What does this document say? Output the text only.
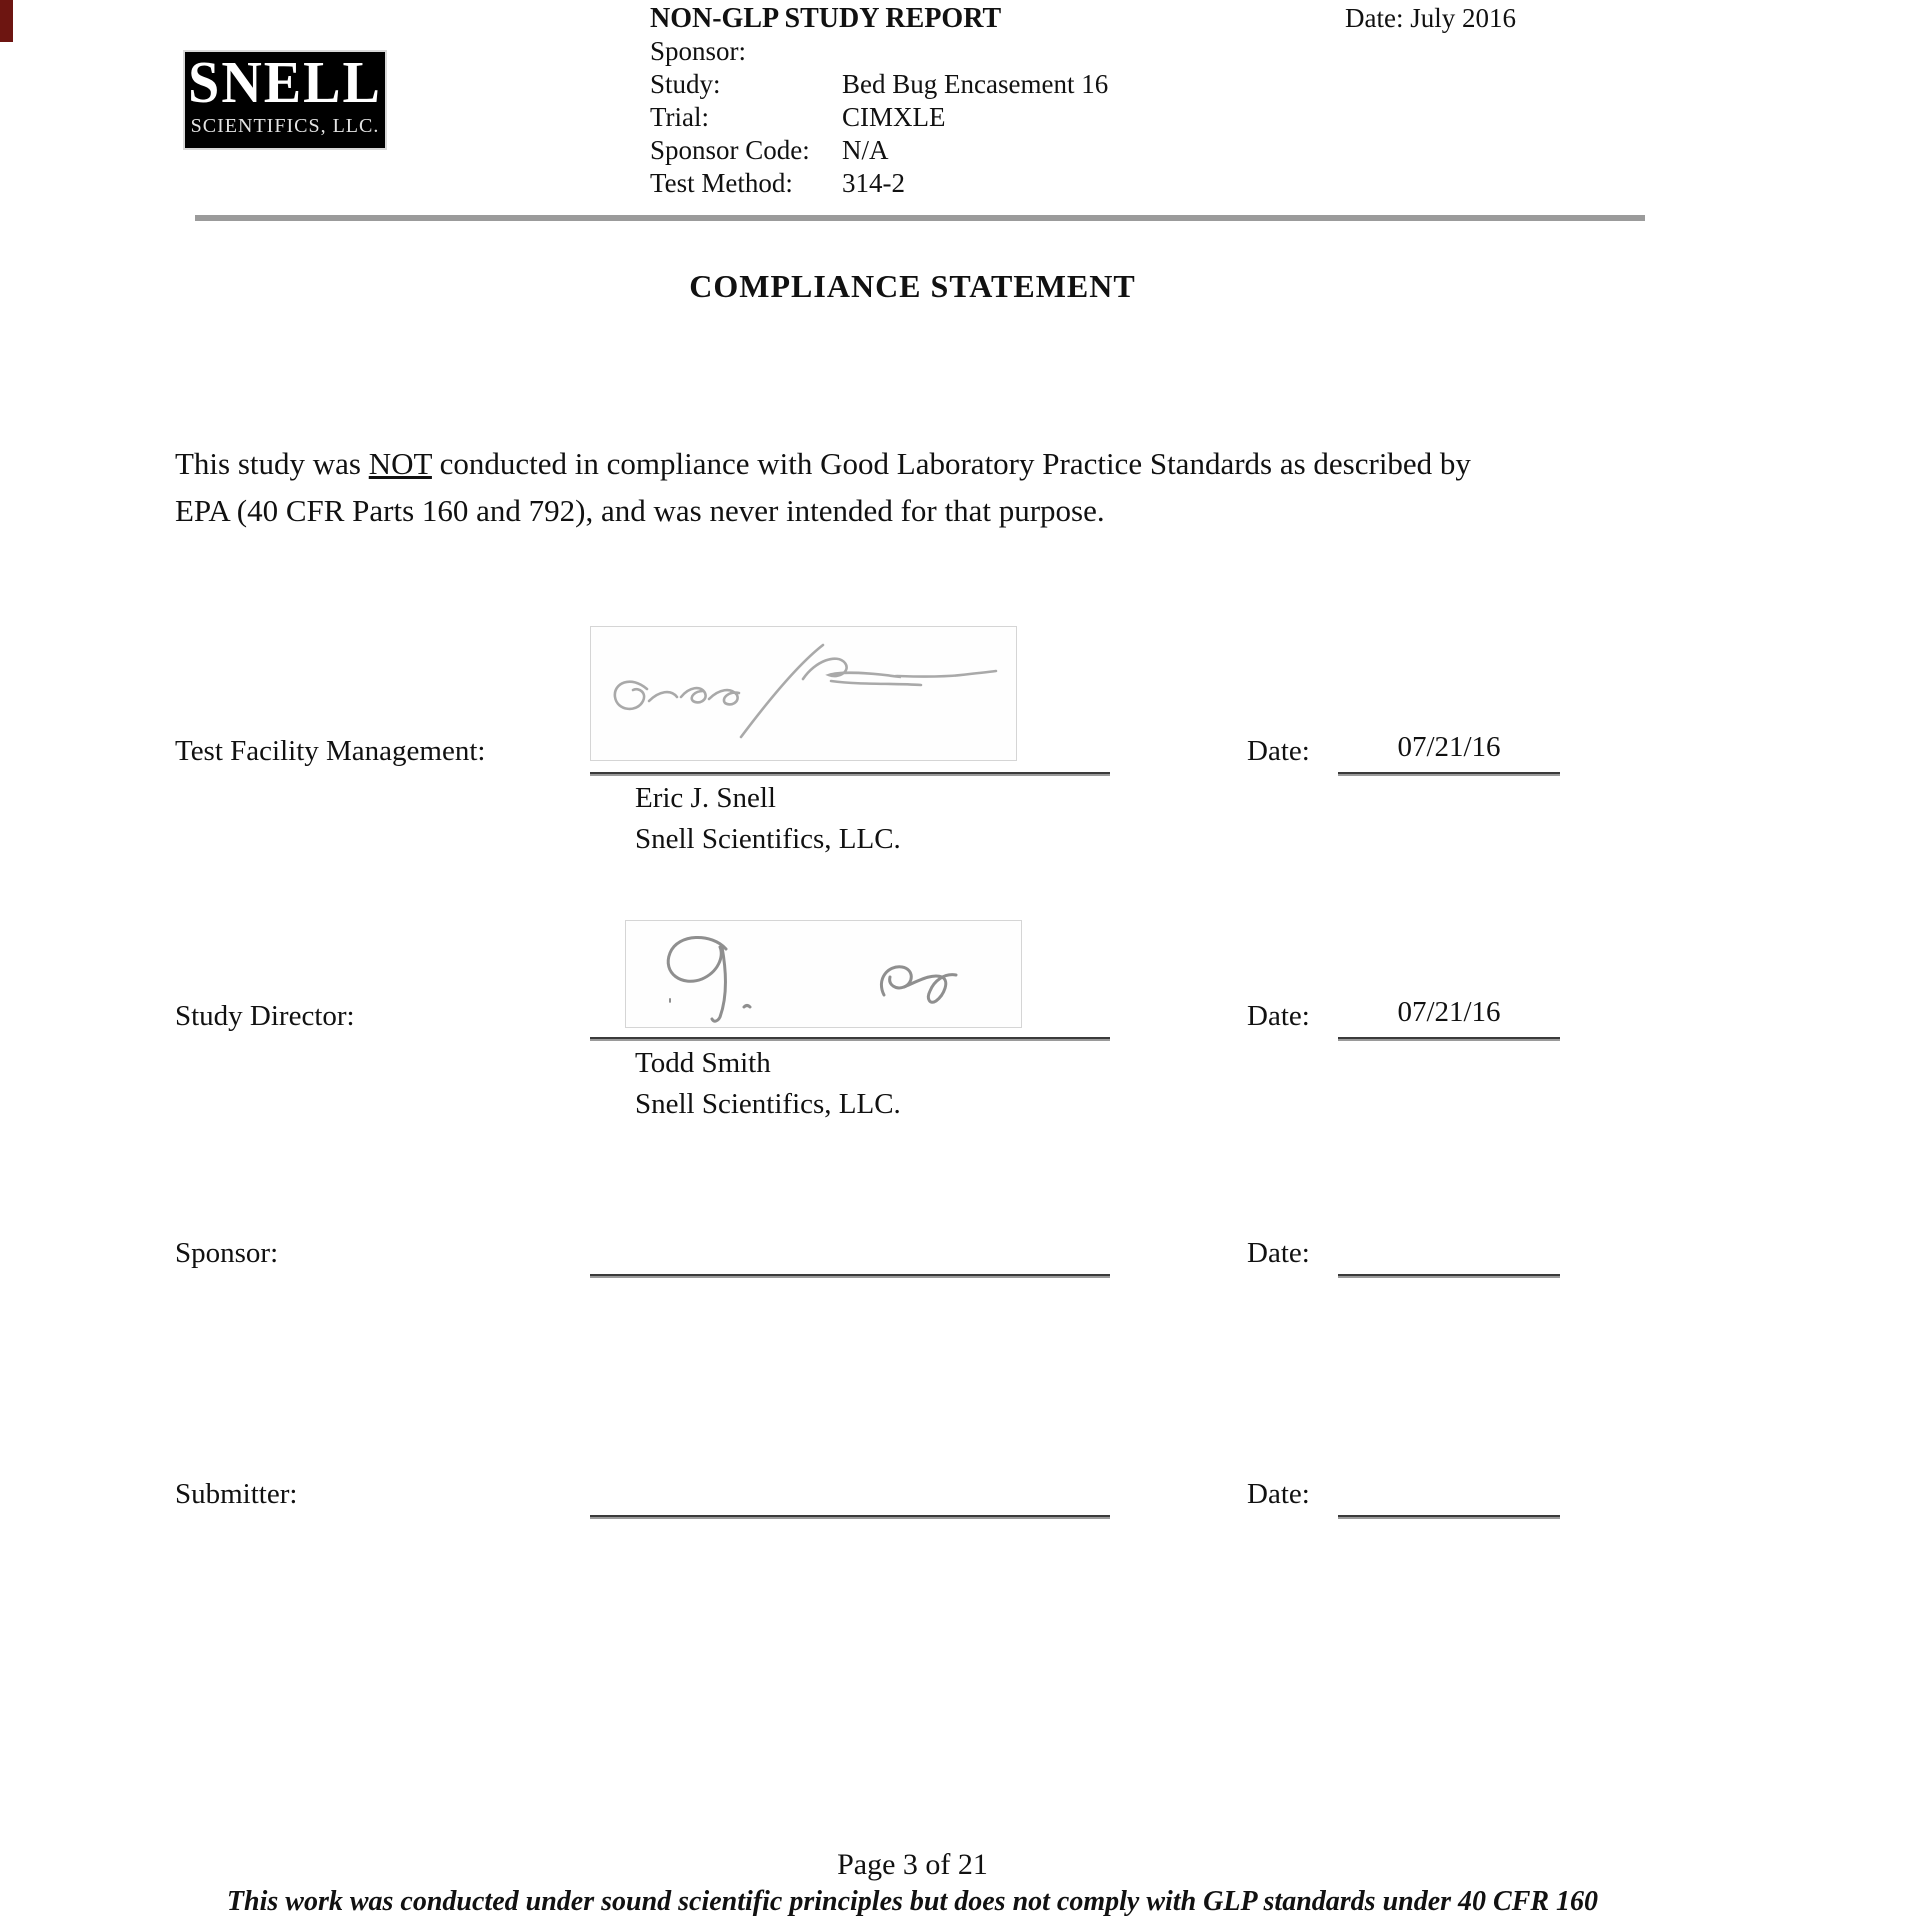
SNELL
SCIENTIFICS, LLC.
NON-GLP STUDY REPORT
Sponsor:
Study:	Bed Bug Encasement 16
Trial:	CIMXLE
Sponsor Code:	N/A
Test Method:	314-2
Date: July 2016
COMPLIANCE STATEMENT
This study was NOT conducted in compliance with Good Laboratory Practice Standards as described by
EPA (40 CFR Parts 160 and 792), and was never intended for that purpose.
Test Facility Management:	Date:	07/21/16
Eric J. Snell
Snell Scientifics, LLC.
Study Director:	Date:	07/21/16
Todd Smith
Snell Scientifics, LLC.
Sponsor:	Date:
Submitter:	Date:
Page 3 of 21
This work was conducted under sound scientific principles but does not comply with GLP standards under 40 CFR 160
